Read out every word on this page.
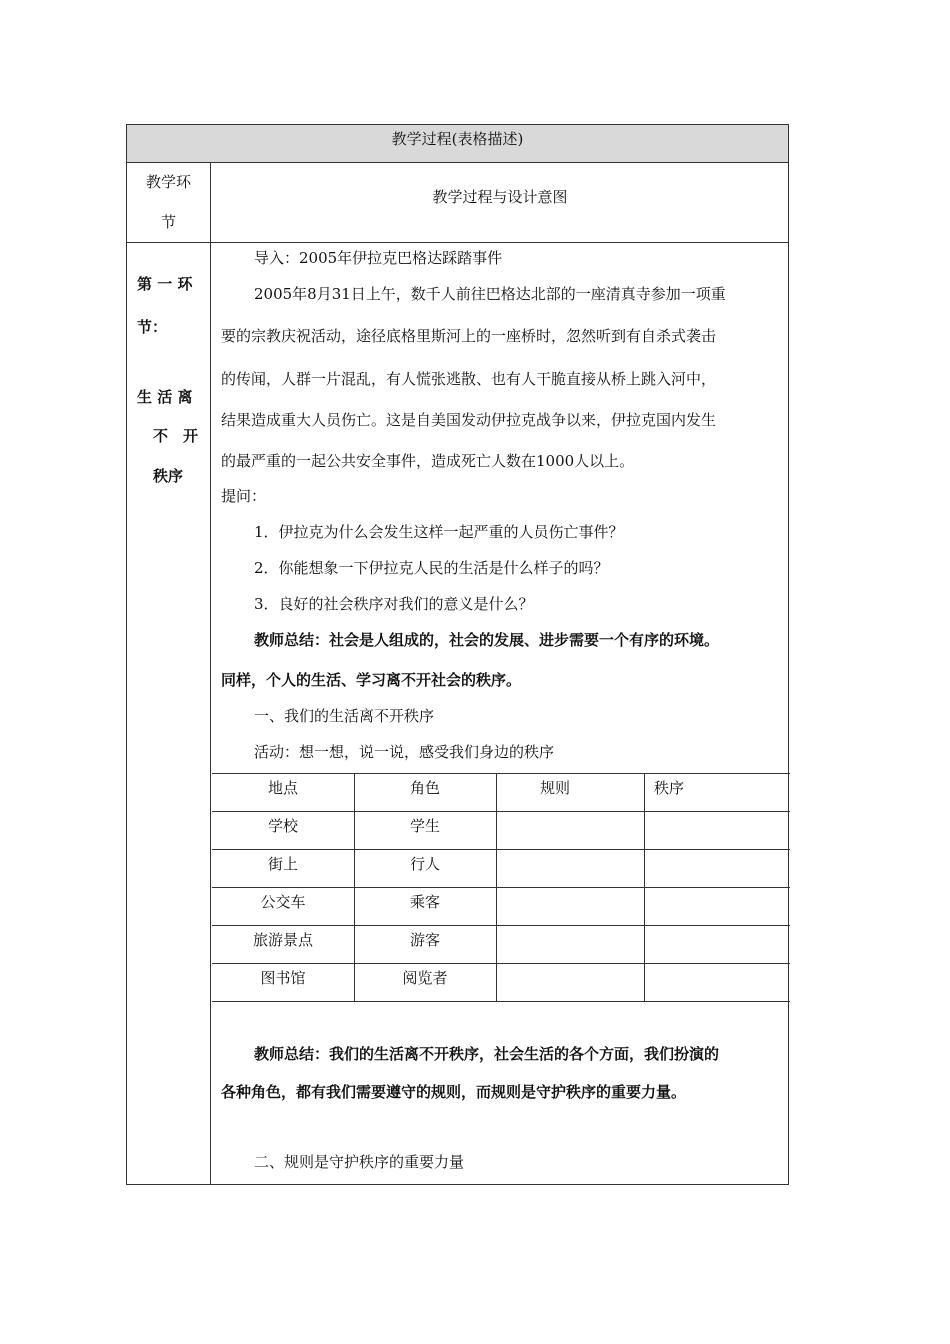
教学过程(表格描述)
教学环
节
教学过程与设计意图
第 一 环
节：
生 活 离
不　开
秩序
导入：2005年伊拉克巴格达踩踏事件
2005年8月31日上午，数千人前往巴格达北部的一座清真寺参加一项重
要的宗教庆祝活动，途径底格里斯河上的一座桥时，忽然听到有自杀式袭击
的传闻，人群一片混乱，有人慌张逃散、也有人干脆直接从桥上跳入河中，
结果造成重大人员伤亡。这是自美国发动伊拉克战争以来，伊拉克国内发生
的最严重的一起公共安全事件，造成死亡人数在1000人以上。
提问：
1．伊拉克为什么会发生这样一起严重的人员伤亡事件？
2．你能想象一下伊拉克人民的生活是什么样子的吗？
3．良好的社会秩序对我们的意义是什么？
教师总结：社会是人组成的，社会的发展、进步需要一个有序的环境。
同样，个人的生活、学习离不开社会的秩序。
一、我们的生活离不开秩序
活动：想一想，说一说，感受我们身边的秩序
教师总结：我们的生活离不开秩序，社会生活的各个方面，我们扮演的
各种角色，都有我们需要遵守的规则，而规则是守护秩序的重要力量。
二、规则是守护秩序的重要力量
地点	角色	规则	秩序
学校	学生
街上	行人
公交车	乘客
旅游景点	游客
图书馆	阅览者
